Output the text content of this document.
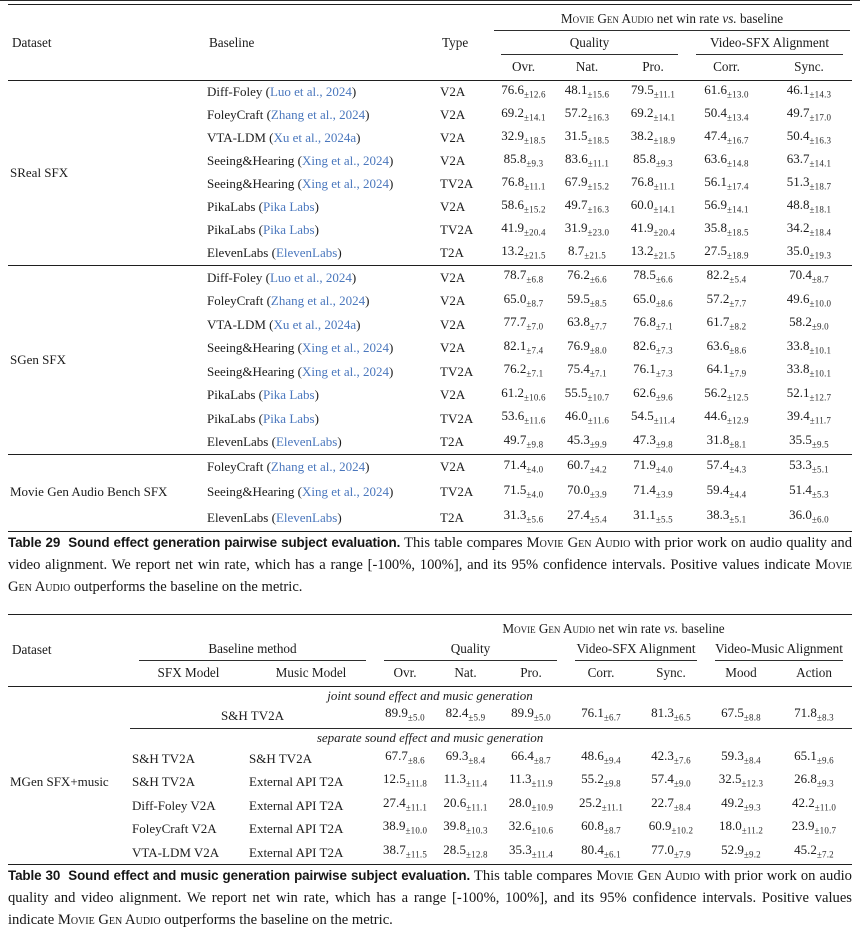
Dataset	Baseline	Type	Movie Gen Audio net win rate vs. baseline				

			Quality			Video-SFX Alignment	

			Ovr.	Nat.	Pro.	Corr.	Sync.
SReal SFX	Diff-Foley (Luo et al., 2024)	V2A	$76.6_{\pm 12.6}$	$48.1_{\pm 15.6}$	$79.5_{\pm 11.1}$	$61.6_{\pm 13.0}$	$46.1_{\pm 14.3}$
	FoleyCraft (Zhang et al., 2024)	V2A	$69.2_{\pm 14.1}$	$57.2_{\pm 16.3}$	$69.2_{\pm 14.1}$	$50.4_{\pm 13.4}$	$49.7_{\pm 17.0}$
	VTA-LDM (Xu et al., 2024a)	V2A	$32.9_{\pm 18.5}$	$31.5_{\pm 18.5}$	$38.2_{\pm 18.9}$	$47.4_{\pm 16.7}$	$50.4_{\pm 16.3}$
	Seeing&Hearing (Xing et al., 2024)	V2A	$85.8_{\pm 9.3}$	$83.6_{\pm 11.1}$	$85.8_{\pm 9.3}$	$63.6_{\pm 14.8}$	$63.7_{\pm 14.1}$
	Seeing&Hearing (Xing et al., 2024)	TV2A	$76.8_{\pm 11.1}$	$67.9_{\pm 15.2}$	$76.8_{\pm 11.1}$	$56.1_{\pm 17.4}$	$51.3_{\pm 18.7}$
	PikaLabs (Pika Labs)	V2A	$58.6_{\pm 15.2}$	$49.7_{\pm 16.3}$	$60.0_{\pm 14.1}$	$56.9_{\pm 14.1}$	$48.8_{\pm 18.1}$
	PikaLabs (Pika Labs)	TV2A	$41.9_{\pm 20.4}$	$31.9_{\pm 23.0}$	$41.9_{\pm 20.4}$	$35.8_{\pm 18.5}$	$34.2_{\pm 18.4}$
	ElevenLabs (ElevenLabs)	T2A	$13.2_{\pm 21.5}$	$8.7_{\pm 21.5}$	$13.2_{\pm 21.5}$	$27.5_{\pm 18.9}$	$35.0_{\pm 19.3}$
SGen SFX	Diff-Foley (Luo et al., 2024)	V2A	$78.7_{\pm 6.8}$	$76.2_{\pm 6.6}$	$78.5_{\pm 6.6}$	$82.2_{\pm 5.4}$	$70.4_{\pm 8.7}$
	FoleyCraft (Zhang et al., 2024)	V2A	$65.0_{\pm 8.7}$	$59.5_{\pm 8.5}$	$65.0_{\pm 8.6}$	$57.2_{\pm 7.7}$	$49.6_{\pm 10.0}$
	VTA-LDM (Xu et al., 2024a)	V2A	$77.7_{\pm 7.0}$	$63.8_{\pm 7.7}$	$76.8_{\pm 7.1}$	$61.7_{\pm 8.2}$	$58.2_{\pm 9.0}$
	Seeing&Hearing (Xing et al., 2024)	V2A	$82.1_{\pm 7.4}$	$76.9_{\pm 8.0}$	$82.6_{\pm 7.3}$	$63.6_{\pm 8.6}$	$33.8_{\pm 10.1}$
	Seeing&Hearing (Xing et al., 2024)	TV2A	$76.2_{\pm 7.1}$	$75.4_{\pm 7.1}$	$76.1_{\pm 7.3}$	$64.1_{\pm 7.9}$	$33.8_{\pm 10.1}$
	PikaLabs (Pika Labs)	V2A	$61.2_{\pm 10.6}$	$55.5_{\pm 10.7}$	$62.6_{\pm 9.6}$	$56.2_{\pm 12.5}$	$52.1_{\pm 12.7}$
	PikaLabs (Pika Labs)	TV2A	$53.6_{\pm 11.6}$	$46.0_{\pm 11.6}$	$54.5_{\pm 11.4}$	$44.6_{\pm 12.9}$	$39.4_{\pm 11.7}$
	ElevenLabs (ElevenLabs)	T2A	$49.7_{\pm 9.8}$	$45.3_{\pm 9.9}$	$47.3_{\pm 9.8}$	$31.8_{\pm 8.1}$	$35.5_{\pm 9.5}$
Movie Gen Audio Bench SFX	FoleyCraft (Zhang et al., 2024)	V2A	$71.4_{\pm 4.0}$	$60.7_{\pm 4.2}$	$71.9_{\pm 4.0}$	$57.4_{\pm 4.3}$	$53.3_{\pm 5.1}$
	Seeing&Hearing (Xing et al., 2024)	TV2A	$71.5_{\pm 4.0}$	$70.0_{\pm 3.9}$	$71.4_{\pm 3.9}$	$59.4_{\pm 4.4}$	$51.4_{\pm 5.3}$
	ElevenLabs (ElevenLabs)	T2A	$31.3_{\pm 5.6}$	$27.4_{\pm 5.4}$	$31.1_{\pm 5.5}$	$38.3_{\pm 5.1}$	$36.0_{\pm 6.0}$

Table 29 Sound effect generation pairwise subject evaluation. This table compares Movie Gen Audio with prior work on audio quality and video alignment. We report net win rate, which has a range [-100%, 100%], and its 95% confidence intervals. Positive values indicate Movie Gen Audio outperforms the baseline on the metric.

Dataset			Movie Gen Audio net win rate vs. baseline						

	Baseline method		Quality			Video-SFX Alignment		Video-Music Alignment	

	SFX Model	Music Model	Ovr.	Nat.	Pro.	Corr.	Sync.	Mood	Action
joint sound effect and music generation									
	S&H TV2A		$89.9_{\pm 5.0}$	$82.4_{\pm 5.9}$	$89.9_{\pm 5.0}$	$76.1_{\pm 6.7}$	$81.3_{\pm 6.5}$	$67.5_{\pm 8.8}$	$71.8_{\pm 8.3}$
separate sound effect and music generation									
	S&H TV2A	S&H TV2A	$67.7_{\pm 8.6}$	$69.3_{\pm 8.4}$	$66.4_{\pm 8.7}$	$48.6_{\pm 9.4}$	$42.3_{\pm 7.6}$	$59.3_{\pm 8.4}$	$65.1_{\pm 9.6}$
MGen SFX+music	S&H TV2A	External API T2A	$12.5_{\pm 11.8}$	$11.3_{\pm 11.4}$	$11.3_{\pm 11.9}$	$55.2_{\pm 9.8}$	$57.4_{\pm 9.0}$	$32.5_{\pm 12.3}$	$26.8_{\pm 9.3}$
	Diff-Foley V2A	External API T2A	$27.4_{\pm 11.1}$	$20.6_{\pm 11.1}$	$28.0_{\pm 10.9}$	$25.2_{\pm 11.1}$	$22.7_{\pm 8.4}$	$49.2_{\pm 9.3}$	$42.2_{\pm 11.0}$
	FoleyCraft V2A	External API T2A	$38.9_{\pm 10.0}$	$39.8_{\pm 10.3}$	$32.6_{\pm 10.6}$	$60.8_{\pm 8.7}$	$60.9_{\pm 10.2}$	$18.0_{\pm 11.2}$	$23.9_{\pm 10.7}$
	VTA-LDM V2A	External API T2A	$38.7_{\pm 11.5}$	$28.5_{\pm 12.8}$	$35.3_{\pm 11.4}$	$80.4_{\pm 6.1}$	$77.0_{\pm 7.9}$	$52.9_{\pm 9.2}$	$45.2_{\pm 7.2}$

Table 30 Sound effect and music generation pairwise subject evaluation. This table compares Movie Gen Audio with prior work on audio quality and video alignment. We report net win rate, which has a range [-100%, 100%], and its 95% confidence intervals. Positive values indicate Movie Gen Audio outperforms the baseline on the metric.
